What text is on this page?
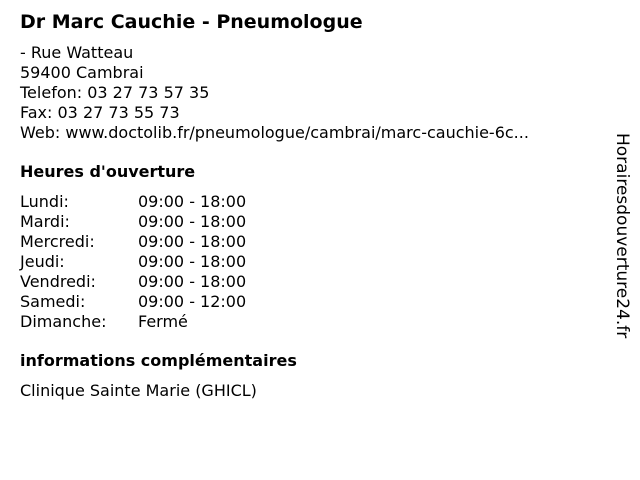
Dr Marc Cauchie - Pneumologue
- Rue Watteau
59400 Cambrai
Telefon: 03 27 73 57 35
Fax: 03 27 73 55 73
Web: www.doctolib.fr/pneumologue/cambrai/marc-cauchie-6c...
Heures d'ouverture
Lundi:	09:00 - 18:00
Mardi:	09:00 - 18:00
Mercredi:	09:00 - 18:00
Jeudi:	09:00 - 18:00
Vendredi:	09:00 - 18:00
Samedi:	09:00 - 12:00
Dimanche:	Fermé
informations complémentaires
Clinique Sainte Marie (GHICL)
Horairesdouverture24.fr
